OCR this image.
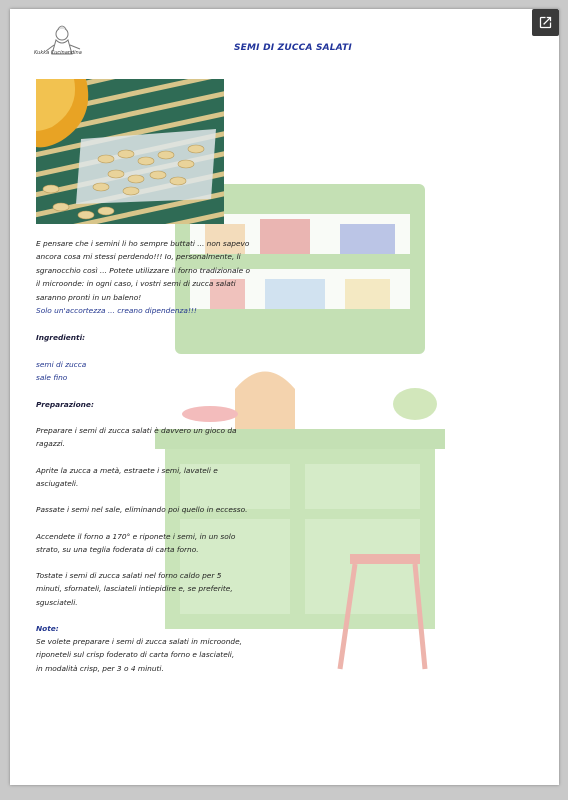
Kukka Cucinandina	SEMI DI ZUCCA SALATI
E pensare che i semini li ho sempre buttati ... non sapevo
ancora cosa mi stessi perdendo!!! Io, personalmente, li
sgranocchio così ... Potete utilizzare il forno tradizionale o
il microonde: in ogni caso, i vostri semi di zucca salati
saranno pronti in un baleno!
Solo un'accortezza ... creano dipendenza!!!
Ingredienti:
semi di zucca
sale fino
Preparazione:
Preparare i semi di zucca salati è davvero un gioco da
ragazzi.
Aprite la zucca a metà, estraete i semi, lavateli e
asciugateli.
Passate i semi nel sale, eliminando poi quello in eccesso.
Accendete il forno a 170° e riponete i semi, in un solo
strato, su una teglia foderata di carta forno.
Tostate i semi di zucca salati nel forno caldo per 5
minuti, sfornateli, lasciateli intiepidire e, se preferite,
sgusciateli.
Note:
Se volete preparare i semi di zucca salati in microonde,
riponeteli sul crisp foderato di carta forno e lasciateli,
in modalità crisp, per 3 o 4 minuti.
